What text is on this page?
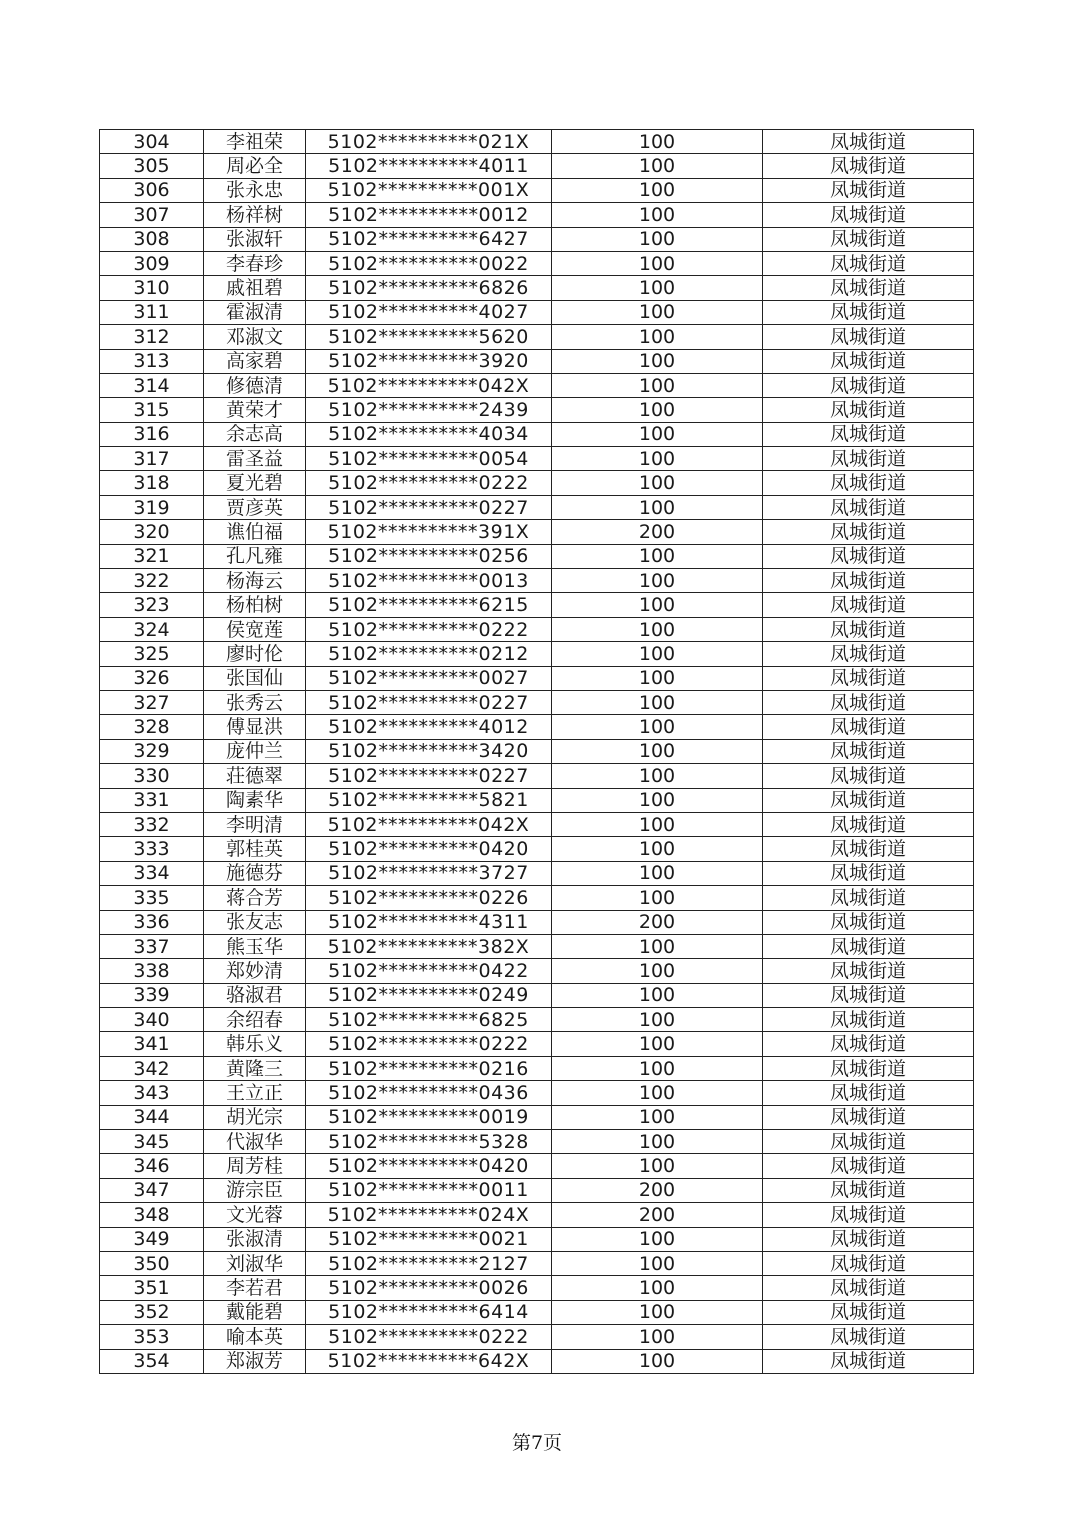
304	李祖荣	5102**********021X	100	凤城街道
305	周必全	5102**********4011	100	凤城街道
306	张永忠	5102**********001X	100	凤城街道
307	杨祥树	5102**********0012	100	凤城街道
308	张淑轩	5102**********6427	100	凤城街道
309	李春珍	5102**********0022	100	凤城街道
310	戚祖碧	5102**********6826	100	凤城街道
311	霍淑清	5102**********4027	100	凤城街道
312	邓淑文	5102**********5620	100	凤城街道
313	高家碧	5102**********3920	100	凤城街道
314	修德清	5102**********042X	100	凤城街道
315	黄荣才	5102**********2439	100	凤城街道
316	余志高	5102**********4034	100	凤城街道
317	雷圣益	5102**********0054	100	凤城街道
318	夏光碧	5102**********0222	100	凤城街道
319	贾彦英	5102**********0227	100	凤城街道
320	谯伯福	5102**********391X	200	凤城街道
321	孔凡雍	5102**********0256	100	凤城街道
322	杨海云	5102**********0013	100	凤城街道
323	杨柏树	5102**********6215	100	凤城街道
324	侯宽莲	5102**********0222	100	凤城街道
325	廖时伦	5102**********0212	100	凤城街道
326	张国仙	5102**********0027	100	凤城街道
327	张秀云	5102**********0227	100	凤城街道
328	傅显洪	5102**********4012	100	凤城街道
329	庞仲兰	5102**********3420	100	凤城街道
330	荘德翠	5102**********0227	100	凤城街道
331	陶素华	5102**********5821	100	凤城街道
332	李明清	5102**********042X	100	凤城街道
333	郭桂英	5102**********0420	100	凤城街道
334	施德芬	5102**********3727	100	凤城街道
335	蒋合芳	5102**********0226	100	凤城街道
336	张友志	5102**********4311	200	凤城街道
337	熊玉华	5102**********382X	100	凤城街道
338	郑妙清	5102**********0422	100	凤城街道
339	骆淑君	5102**********0249	100	凤城街道
340	余绍春	5102**********6825	100	凤城街道
341	韩乐义	5102**********0222	100	凤城街道
342	黄隆三	5102**********0216	100	凤城街道
343	王立正	5102**********0436	100	凤城街道
344	胡光宗	5102**********0019	100	凤城街道
345	代淑华	5102**********5328	100	凤城街道
346	周芳桂	5102**********0420	100	凤城街道
347	游宗臣	5102**********0011	200	凤城街道
348	文光蓉	5102**********024X	200	凤城街道
349	张淑清	5102**********0021	100	凤城街道
350	刘淑华	5102**********2127	100	凤城街道
351	李若君	5102**********0026	100	凤城街道
352	戴能碧	5102**********6414	100	凤城街道
353	喻本英	5102**********0222	100	凤城街道
354	郑淑芳	5102**********642X	100	凤城街道
第7页
